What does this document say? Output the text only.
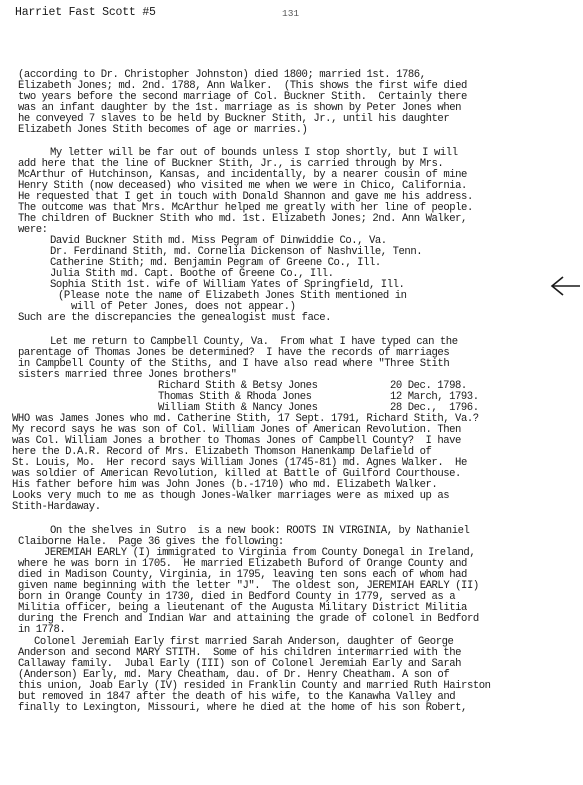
Harriet Fast Scott #5	131
(according to Dr. Christopher Johnston) died 1800; married 1st. 1786,
Elizabeth Jones; md. 2nd. 1788, Ann Walker.  (This shows the first wife died
two years before the second marriage of Col. Buckner Stith.  Certainly there
was an infant daughter by the 1st. marriage as is shown by Peter Jones when
he conveyed 7 slaves to be held by Buckner Stith, Jr., until his daughter
Elizabeth Jones Stith becomes of age or marries.)
My letter will be far out of bounds unless I stop shortly, but I will
add here that the line of Buckner Stith, Jr., is carried through by Mrs.
McArthur of Hutchinson, Kansas, and incidentally, by a nearer cousin of mine
Henry Stith (now deceased) who visited me when we were in Chico, California.
He requested that I get in touch with Donald Shannon and gave me his address.
The outcome was that Mrs. McArthur helped me greatly with her line of people.
The children of Buckner Stith who md. 1st. Elizabeth Jones; 2nd. Ann Walker,
were:
David Buckner Stith md. Miss Pegram of Dinwiddie Co., Va.
Dr. Ferdinand Stith, md. Cornelia Dickenson of Nashville, Tenn.
Catherine Stith; md. Benjamin Pegram of Greene Co., Ill.
Julia Stith md. Capt. Boothe of Greene Co., Ill.
Sophia Stith 1st. wife of William Yates of Springfield, Ill.
(Please note the name of Elizabeth Jones Stith mentioned in
will of Peter Jones, does not appear.)
Such are the discrepancies the genealogist must face.
Let me return to Campbell County, Va.  From what I have typed can the
parentage of Thomas Jones be determined?  I have the records of marriages
in Campbell County of the Stiths, and I have also read where "Three Stith
sisters married three Jones brothers"
Richard Stith & Betsy Jones	20 Dec. 1798.
Thomas Stith & Rhoda Jones	12 March, 1793.
William Stith & Nancy Jones	28 Dec.,  1796.
WHO was James Jones who md. Catherine Stith, 17 Sept. 1791, Richard Stith, Va.?
My record says he was son of Col. William Jones of American Revolution. Then
was Col. William Jones a brother to Thomas Jones of Campbell County?  I have
here the D.A.R. Record of Mrs. Elizabeth Thomson Hanenkamp Delafield of
St. Louis, Mo.  Her record says William Jones (1745-81) md. Agnes Walker.  He
was soldier of American Revolution, killed at Battle of Guilford Courthouse.
His father before him was John Jones (b.-1710) who md. Elizabeth Walker.
Looks very much to me as though Jones-Walker marriages were as mixed up as
Stith-Hardaway.
On the shelves in Sutro  is a new book: ROOTS IN VIRGINIA, by Nathaniel
Claiborne Hale.  Page 36 gives the following:
JEREMIAH EARLY (I) immigrated to Virginia from County Donegal in Ireland,
where he was born in 1705.  He married Elizabeth Buford of Orange County and
died in Madison County, Virginia, in 1795, leaving ten sons each of whom had
given name beginning with the letter "J".  The oldest son, JEREMIAH EARLY (II)
born in Orange County in 1730, died in Bedford County in 1779, served as a
Militia officer, being a lieutenant of the Augusta Military District Militia
during the French and Indian War and attaining the grade of colonel in Bedford
in 1778.
Colonel Jeremiah Early first married Sarah Anderson, daughter of George
Anderson and second MARY STITH.  Some of his children intermarried with the
Callaway family.  Jubal Early (III) son of Colonel Jeremiah Early and Sarah
(Anderson) Early, md. Mary Cheatham, dau. of Dr. Henry Cheatham. A son of
this union, Joab Early (IV) resided in Franklin County and married Ruth Hairston
but removed in 1847 after the death of his wife, to the Kanawha Valley and
finally to Lexington, Missouri, where he died at the home of his son Robert,
